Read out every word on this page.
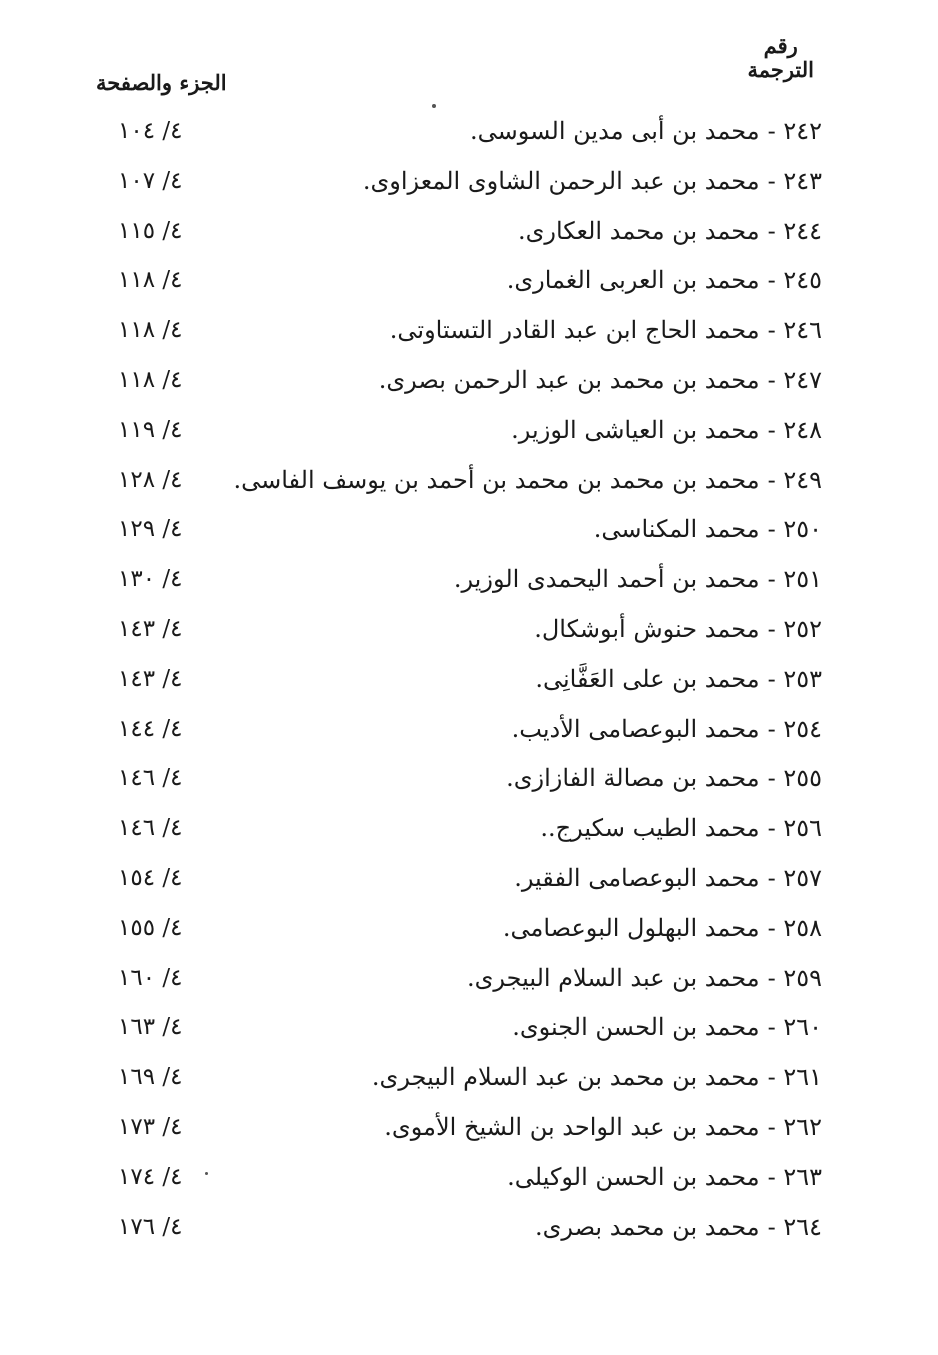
رقم
الترجمة
الجزء والصفحة
٢٤٢ -
محمد بن أبى مدين السوسى.
٤/ ١٠٤
٢٤٣ -
محمد بن عبد الرحمن الشاوى المعزاوى.
٤/ ١٠٧
٢٤٤ -
محمد بن محمد العكارى.
٤/ ١١٥
٢٤٥ -
محمد بن العربى الغمارى.
٤/ ١١٨
٢٤٦ -
محمد الحاج ابن عبد القادر التستاوتى.
٤/ ١١٨
٢٤٧ -
محمد بن محمد بن عبد الرحمن بصرى.
٤/ ١١٨
٢٤٨ -
محمد بن العياشى الوزير.
٤/ ١١٩
٢٤٩ -
محمد بن محمد بن محمد بن أحمد بن يوسف الفاسى.
٤/ ١٢٨
٢٥٠ -
محمد المكناسى.
٤/ ١٢٩
٢٥١ -
محمد بن أحمد اليحمدى الوزير.
٤/ ١٣٠
٢٥٢ -
محمد حنوش أبوشكال.
٤/ ١٤٣
٢٥٣ -
محمد بن على العَفَّانِى.
٤/ ١٤٣
٢٥٤ -
محمد البوعصامى الأديب.
٤/ ١٤٤
٢٥٥ -
محمد بن مصالة الفازازى.
٤/ ١٤٦
٢٥٦ -
محمد الطيب سكيرج..
٤/ ١٤٦
٢٥٧ -
محمد البوعصامى الفقير.
٤/ ١٥٤
٢٥٨ -
محمد البهلول البوعصامى.
٤/ ١٥٥
٢٥٩ -
محمد بن عبد السلام البيجرى.
٤/ ١٦٠
٢٦٠ -
محمد بن الحسن الجنوى.
٤/ ١٦٣
٢٦١ -
محمد بن محمد بن عبد السلام البيجرى.
٤/ ١٦٩
٢٦٢ -
محمد بن عبد الواحد بن الشيخ الأموى.
٤/ ١٧٣
٢٦٣ -
محمد بن الحسن الوكيلى.
٤/ ١٧٤
٢٦٤ -
محمد بن محمد بصرى.
٤/ ١٧٦
